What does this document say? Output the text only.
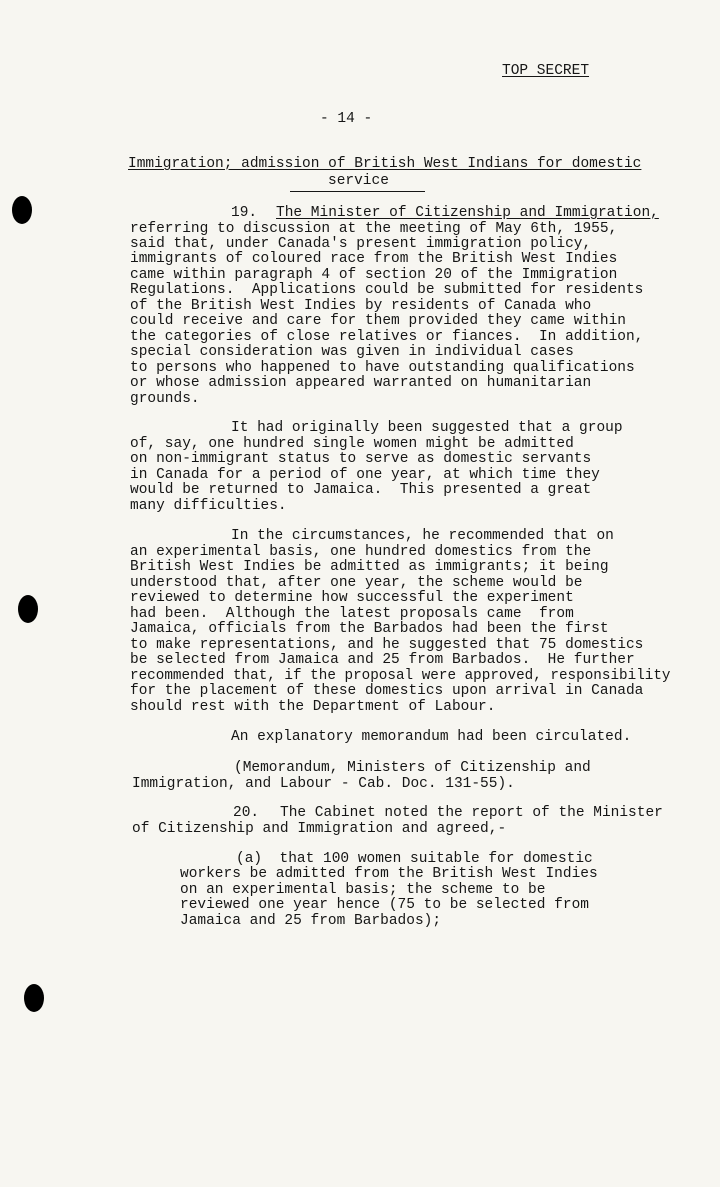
TOP SECRET
- 14 -
Immigration; admission of British West Indians for domestic
service
19. The Minister of Citizenship and Immigration,
referring to discussion at the meeting of May 6th, 1955,
said that, under Canada's present immigration policy,
immigrants of coloured race from the British West Indies
came within paragraph 4 of section 20 of the Immigration
Regulations.  Applications could be submitted for residents
of the British West Indies by residents of Canada who
could receive and care for them provided they came within
the categories of close relatives or fiances.  In addition,
special consideration was given in individual cases
to persons who happened to have outstanding qualifications
or whose admission appeared warranted on humanitarian
grounds.
It had originally been suggested that a group
of, say, one hundred single women might be admitted
on non-immigrant status to serve as domestic servants
in Canada for a period of one year, at which time they
would be returned to Jamaica.  This presented a great
many difficulties.
In the circumstances, he recommended that on
an experimental basis, one hundred domestics from the
British West Indies be admitted as immigrants; it being
understood that, after one year, the scheme would be
reviewed to determine how successful the experiment
had been.  Although the latest proposals came  from
Jamaica, officials from the Barbados had been the first
to make representations, and he suggested that 75 domestics
be selected from Jamaica and 25 from Barbados.  He further
recommended that, if the proposal were approved, responsibility
for the placement of these domestics upon arrival in Canada
should rest with the Department of Labour.
An explanatory memorandum had been circulated.
(Memorandum, Ministers of Citizenship and
Immigration, and Labour - Cab. Doc. 131-55).
20. The Cabinet noted the report of the Minister
of Citizenship and Immigration and agreed,-
(a)  that 100 women suitable for domestic
workers be admitted from the British West Indies
on an experimental basis; the scheme to be
reviewed one year hence (75 to be selected from
Jamaica and 25 from Barbados);
